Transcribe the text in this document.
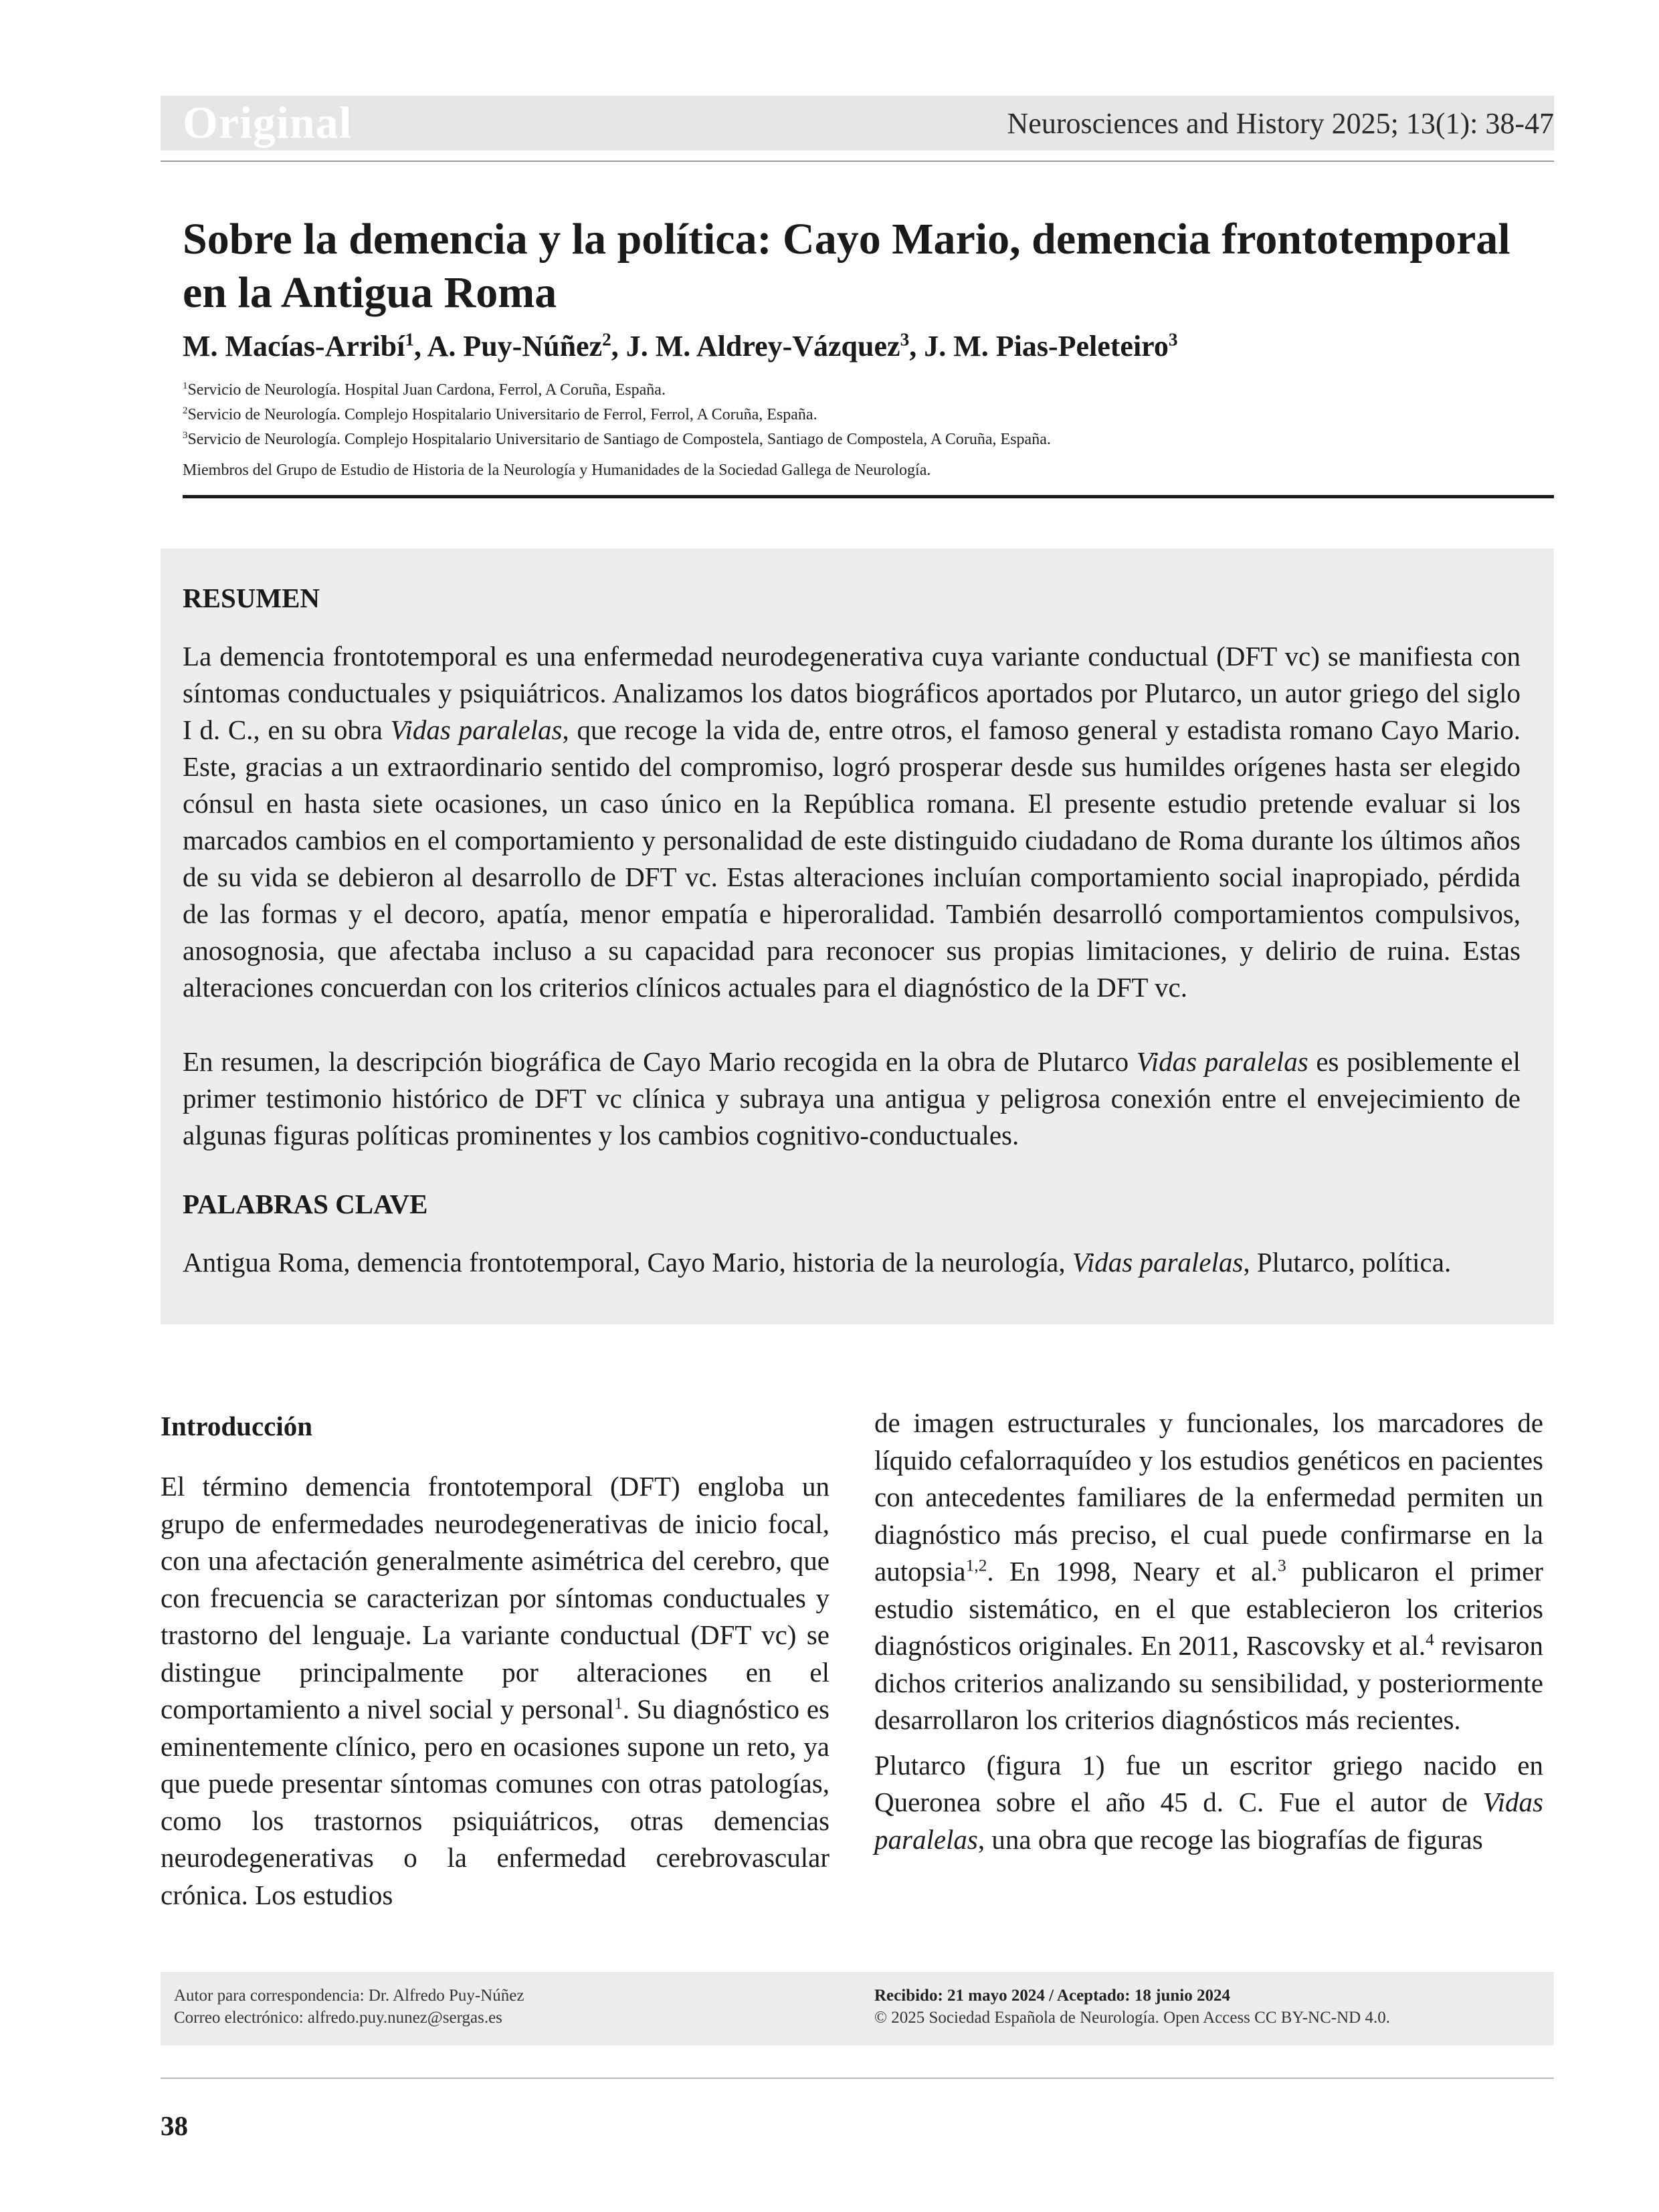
Original	Neurosciences and History 2025; 13(1): 38-47
Sobre la demencia y la política: Cayo Mario, demencia frontotemporal en la Antigua Roma
M. Macías-Arribí$^1$, A. Puy-Núñez$^2$, J. M. Aldrey-Vázquez$^3$, J. M. Pias-Peleteiro$^3$
$^1$Servicio de Neurología. Hospital Juan Cardona, Ferrol, A Coruña, España.
$^2$Servicio de Neurología. Complejo Hospitalario Universitario de Ferrol, Ferrol, A Coruña, España.
$^3$Servicio de Neurología. Complejo Hospitalario Universitario de Santiago de Compostela, Santiago de Compostela, A Coruña, España.
Miembros del Grupo de Estudio de Historia de la Neurología y Humanidades de la Sociedad Gallega de Neurología.
RESUMEN

La demencia frontotemporal es una enfermedad neurodegenerativa cuya variante conductual (DFT vc) se manifiesta con síntomas conductuales y psiquiátricos. Analizamos los datos biográficos aportados por Plutarco, un autor griego del siglo I d. C., en su obra Vidas paralelas, que recoge la vida de, entre otros, el famoso general y estadista romano Cayo Mario. Este, gracias a un extraordinario sentido del compromiso, logró prosperar desde sus humildes orígenes hasta ser elegido cónsul en hasta siete ocasiones, un caso único en la República romana. El presente estudio pretende evaluar si los marcados cambios en el comportamiento y personalidad de este distinguido ciudadano de Roma durante los últimos años de su vida se debieron al desarrollo de DFT vc. Estas alteraciones incluían comportamiento social inapropiado, pérdida de las formas y el decoro, apatía, menor empatía e hiperoralidad. También desarrolló comportamientos compulsivos, anosognosia, que afectaba incluso a su capacidad para reconocer sus propias limitaciones, y delirio de ruina. Estas alteraciones concuerdan con los criterios clínicos actuales para el diagnóstico de la DFT vc.

En resumen, la descripción biográfica de Cayo Mario recogida en la obra de Plutarco Vidas paralelas es posiblemente el primer testimonio histórico de DFT vc clínica y subraya una antigua y peligrosa conexión entre el envejecimiento de algunas figuras políticas prominentes y los cambios cognitivo-conductuales.

PALABRAS CLAVE

Antigua Roma, demencia frontotemporal, Cayo Mario, historia de la neurología, Vidas paralelas, Plutarco, política.

Introducción

El término demencia frontotemporal (DFT) engloba un grupo de enfermedades neurodegenerativas de inicio focal, con una afectación generalmente asimétrica del cerebro, que con frecuencia se caracterizan por síntomas conductuales y trastorno del lenguaje. La variante conductual (DFT vc) se distingue principalmente por alteraciones en el comportamiento a nivel social y personal$^1$. Su diagnóstico es eminentemente clínico, pero en ocasiones supone un reto, ya que puede presentar síntomas comunes con otras patologías, como los trastornos psiquiátricos, otras demencias neurodegenerativas o la enfermedad cerebrovascular crónica. Los estudios

de imagen estructurales y funcionales, los marcadores de líquido cefalorraquídeo y los estudios genéticos en pacientes con antecedentes familiares de la enfermedad permiten un diagnóstico más preciso, el cual puede confirmarse en la autopsia$^{1,2}$. En 1998, Neary et al.$^3$ publicaron el primer estudio sistemático, en el que establecieron los criterios diagnósticos originales. En 2011, Rascovsky et al.$^4$ revisaron dichos criterios analizando su sensibilidad, y posteriormente desarrollaron los criterios diagnósticos más recientes.

Plutarco (figura 1) fue un escritor griego nacido en Queronea sobre el año 45 d. C. Fue el autor de Vidas paralelas, una obra que recoge las biografías de figuras

Autor para correspondencia: Dr. Alfredo Puy-Núñez
Correo electrónico: alfredo.puy.nunez@sergas.es
Recibido: 21 mayo 2024 / Aceptado: 18 junio 2024
© 2025 Sociedad Española de Neurología. Open Access CC BY-NC-ND 4.0.
38
